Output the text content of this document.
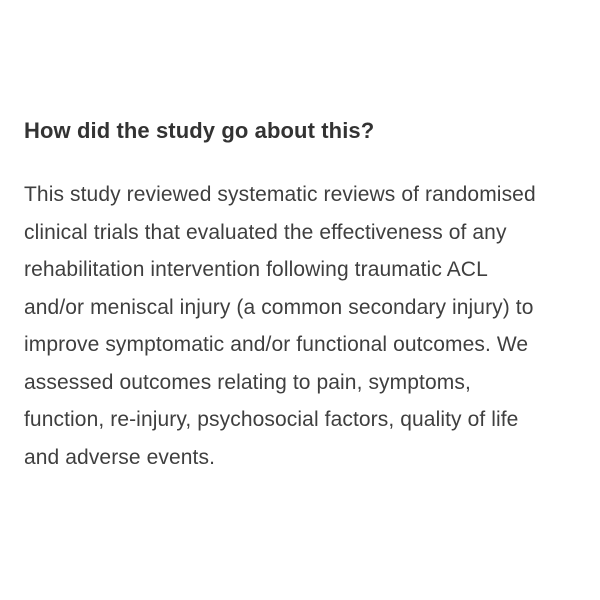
How did the study go about this?
This study reviewed systematic reviews of randomised
clinical trials that evaluated the effectiveness of any
rehabilitation intervention following traumatic ACL
and/or meniscal injury (a common secondary injury) to
improve symptomatic and/or functional outcomes. We
assessed outcomes relating to pain, symptoms,
function, re-injury, psychosocial factors, quality of life
and adverse events.
